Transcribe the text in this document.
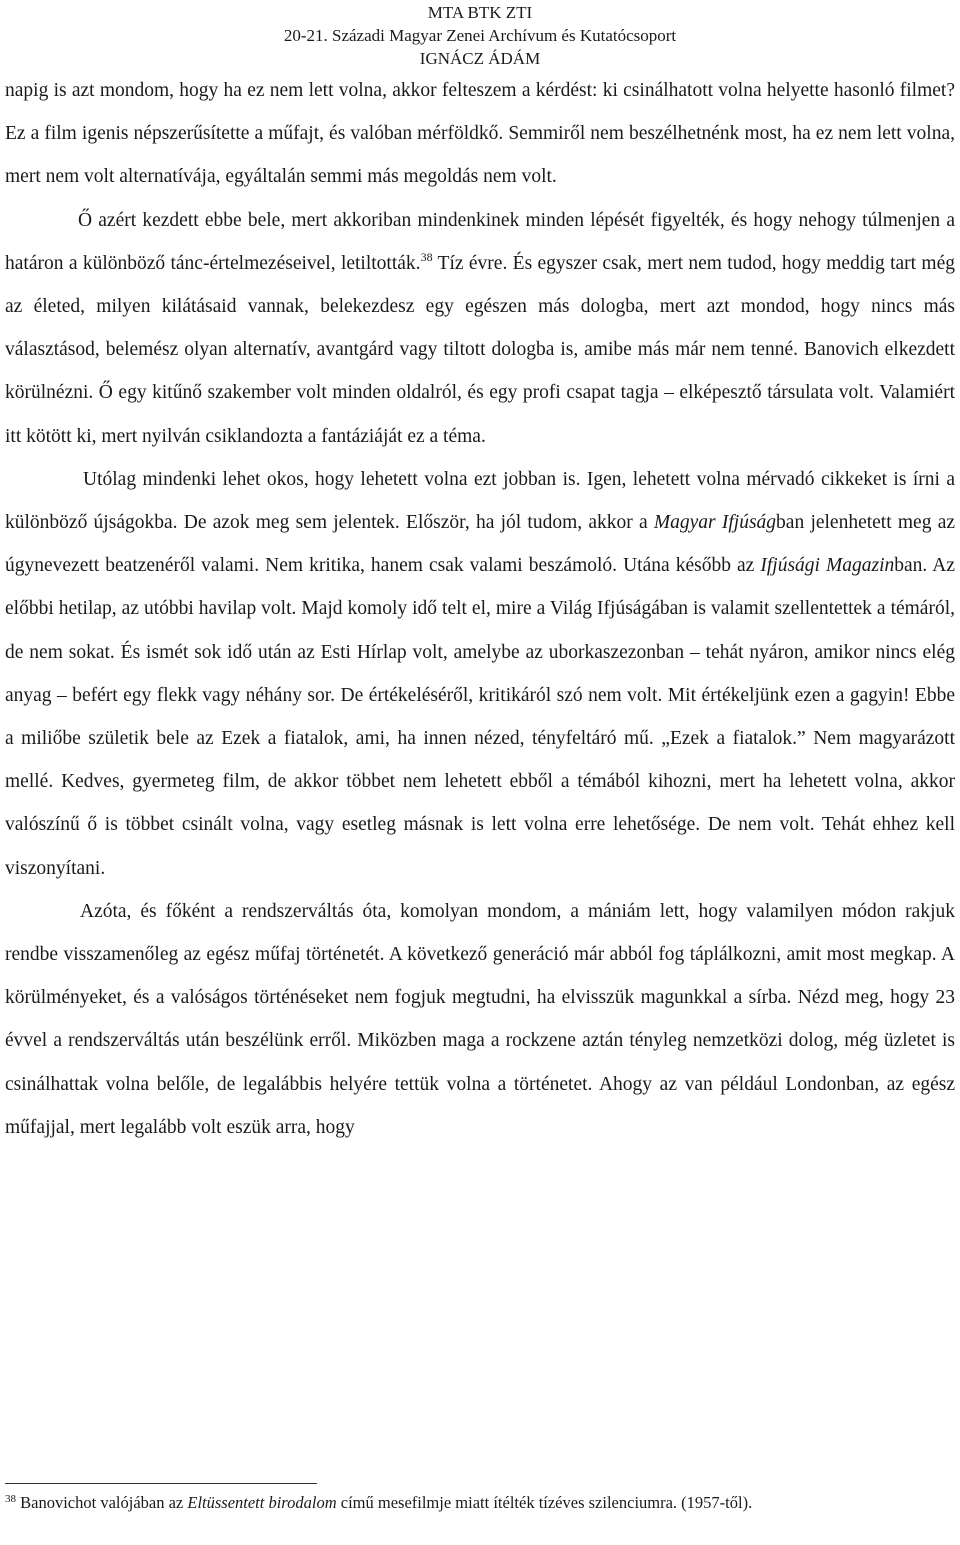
MTA BTK ZTI
20-21. Századi Magyar Zenei Archívum és Kutatócsoport
IGNÁCZ ÁDÁM

napig is azt mondom, hogy ha ez nem lett volna, akkor felteszem a kérdést: ki csinálhatott volna helyette hasonló filmet? Ez a film igenis népszerűsítette a műfajt, és valóban mérföldkő. Semmiről nem beszélhetnénk most, ha ez nem lett volna, mert nem volt alternatívája, egyáltalán semmi más megoldás nem volt.

Ő azért kezdett ebbe bele, mert akkoriban mindenkinek minden lépését figyelték, és hogy nehogy túlmenjen a határon a különböző tánc-értelmezéseivel, letiltották.$^{38}$ Tíz évre. És egyszer csak, mert nem tudod, hogy meddig tart még az életed, milyen kilátásaid vannak, belekezdesz egy egészen más dologba, mert azt mondod, hogy nincs más választásod, belemész olyan alternatív, avantgárd vagy tiltott dologba is, amibe más már nem tenné. Banovich elkezdett körülnézni. Ő egy kitűnő szakember volt minden oldalról, és egy profi csapat tagja – elképesztő társulata volt. Valamiért itt kötött ki, mert nyilván csiklandozta a fantáziáját ez a téma.

Utólag mindenki lehet okos, hogy lehetett volna ezt jobban is. Igen, lehetett volna mérvadó cikkeket is írni a különböző újságokba. De azok meg sem jelentek. Először, ha jól tudom, akkor a Magyar Ifjúságban jelenhetett meg az úgynevezett beatzenéről valami. Nem kritika, hanem csak valami beszámoló. Utána később az Ifjúsági Magazinban. Az előbbi hetilap, az utóbbi havilap volt. Majd komoly idő telt el, mire a Világ Ifjúságában is valamit szellentettek a témáról, de nem sokat. És ismét sok idő után az Esti Hírlap volt, amelybe az uborkaszezonban – tehát nyáron, amikor nincs elég anyag – befért egy flekk vagy néhány sor. De értékeléséről, kritikáról szó nem volt. Mit értékeljünk ezen a gagyin! Ebbe a miliőbe születik bele az Ezek a fiatalok, ami, ha innen nézed, tényfeltáró mű. „Ezek a fiatalok.” Nem magyarázott mellé. Kedves, gyermeteg film, de akkor többet nem lehetett ebből a témából kihozni, mert ha lehetett volna, akkor valószínű ő is többet csinált volna, vagy esetleg másnak is lett volna erre lehetősége. De nem volt. Tehát ehhez kell viszonyítani.

Azóta, és főként a rendszerváltás óta, komolyan mondom, a mániám lett, hogy valamilyen módon rakjuk rendbe visszamenőleg az egész műfaj történetét. A következő generáció már abból fog táplálkozni, amit most megkap. A körülményeket, és a valóságos történéseket nem fogjuk megtudni, ha elvisszük magunkkal a sírba. Nézd meg, hogy 23 évvel a rendszerváltás után beszélünk erről. Miközben maga a rockzene aztán tényleg nemzetközi dolog, még üzletet is csinálhattak volna belőle, de legalábbis helyére tettük volna a történetet. Ahogy az van például Londonban, az egész műfajjal, mert legalább volt eszük arra, hogy

$^{38}$ Banovichot valójában az Eltüssentett birodalom című mesefilmje miatt ítélték tízéves szilenciumra. (1957-től).
